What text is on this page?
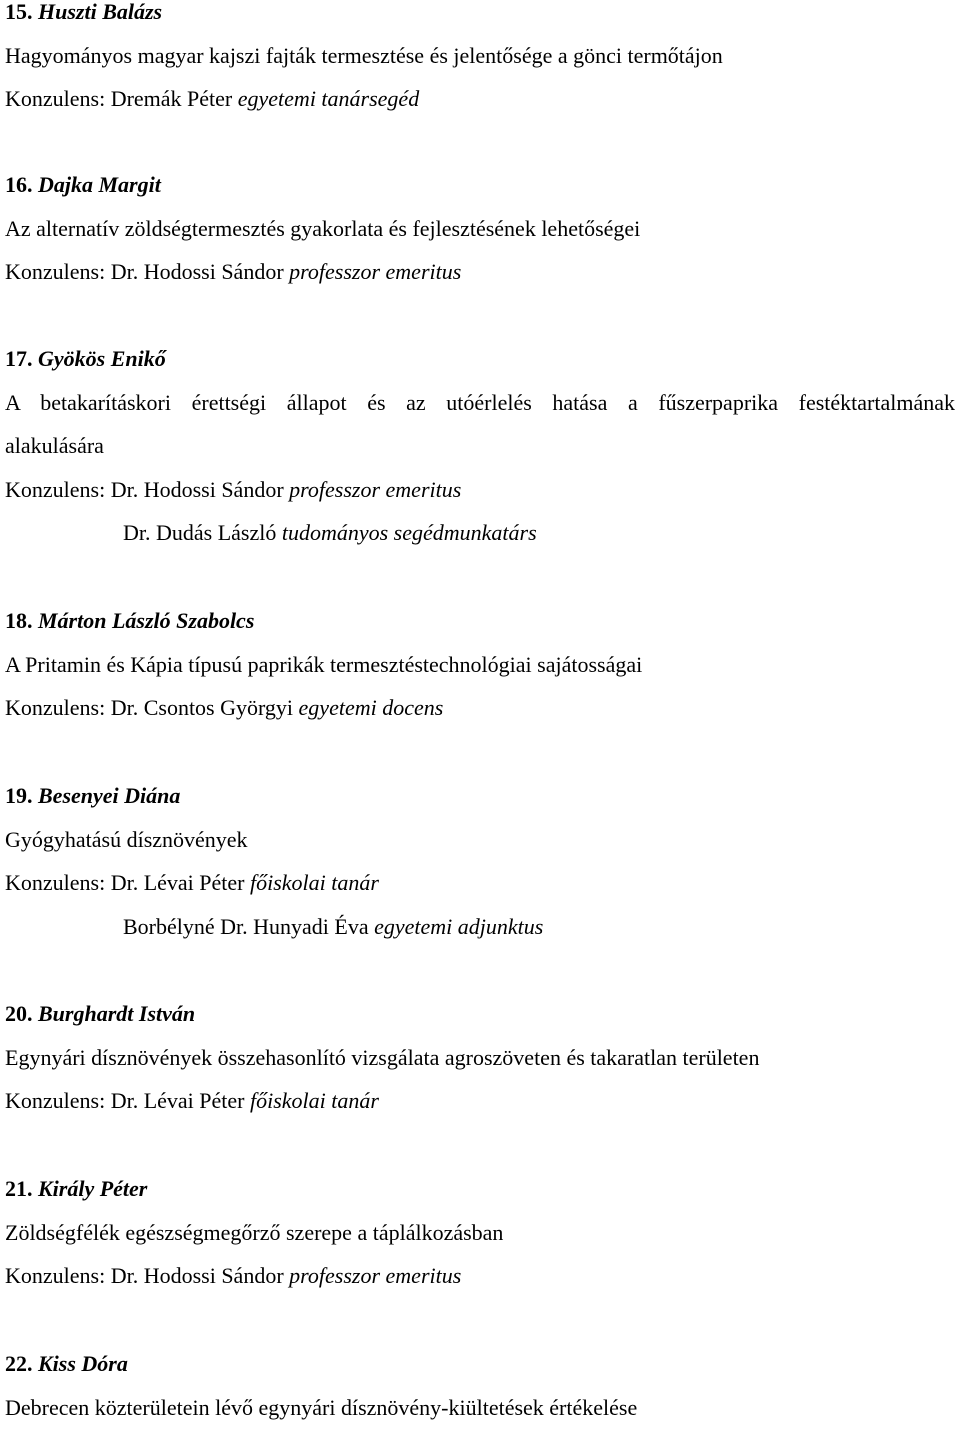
15. Huszti Balázs
Hagyományos magyar kajszi fajták termesztése és jelentősége a gönci termőtájon
Konzulens: Dremák Péter egyetemi tanársegéd
16. Dajka Margit
Az alternatív zöldségtermesztés gyakorlata és fejlesztésének lehetőségei
Konzulens: Dr. Hodossi Sándor professzor emeritus
17. Gyökös Enikő
A betakarításkori érettségi állapot és az utóérlelés hatása a fűszerpaprika festéktartalmának
alakulására
Konzulens: Dr. Hodossi Sándor professzor emeritus
Dr. Dudás László tudományos segédmunkatárs
18. Márton László Szabolcs
A Pritamin és Kápia típusú paprikák termesztéstechnológiai sajátosságai
Konzulens: Dr. Csontos Györgyi egyetemi docens
19. Besenyei Diána
Gyógyhatású dísznövények
Konzulens: Dr. Lévai Péter főiskolai tanár
Borbélyné Dr. Hunyadi Éva egyetemi adjunktus
20. Burghardt István
Egynyári dísznövények összehasonlító vizsgálata agroszöveten és takaratlan területen
Konzulens: Dr. Lévai Péter főiskolai tanár
21. Király Péter
Zöldségfélék egészségmegőrző szerepe a táplálkozásban
Konzulens: Dr. Hodossi Sándor professzor emeritus
22. Kiss Dóra
Debrecen közterületein lévő egynyári dísznövény-kiültetések értékelése
